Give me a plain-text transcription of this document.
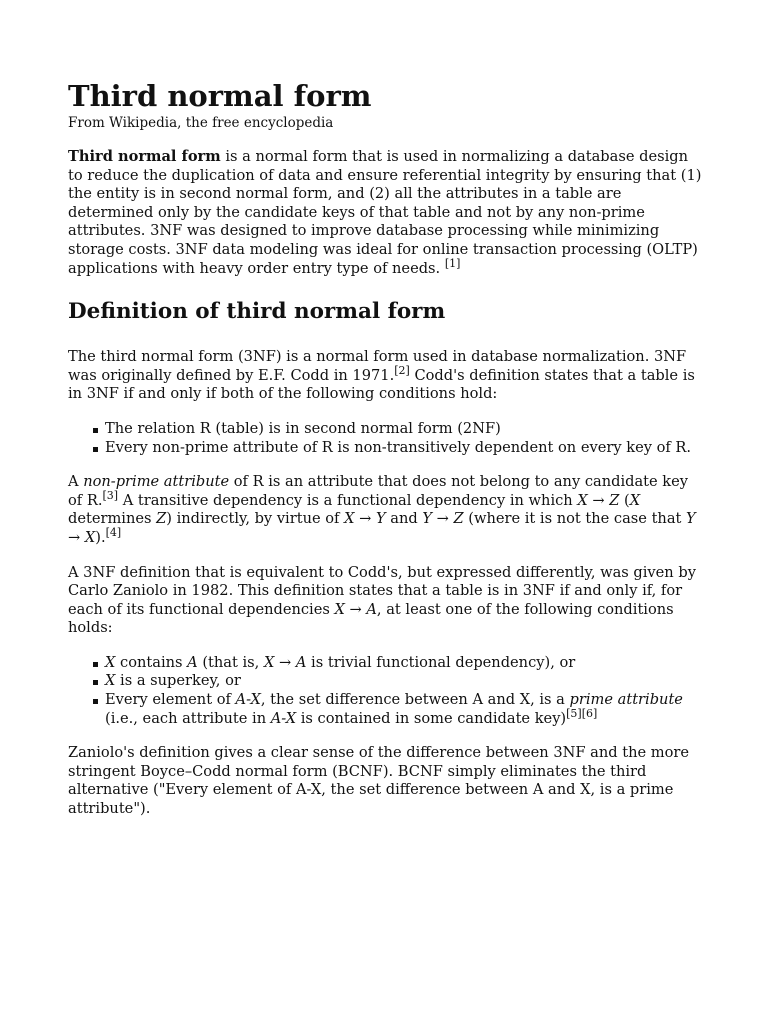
Third normal form
From Wikipedia, the free encyclopedia

Third normal form is a normal form that is used in normalizing a database design to reduce the duplication of data and ensure referential integrity by ensuring that (1) the entity is in second normal form, and (2) all the attributes in a table are determined only by the candidate keys of that table and not by any non-prime attributes. 3NF was designed to improve database processing while minimizing storage costs. 3NF data modeling was ideal for online transaction processing (OLTP) applications with heavy order entry type of needs. [1]

Definition of third normal form

The third normal form (3NF) is a normal form used in database normalization. 3NF was originally defined by E.F. Codd in 1971.[2] Codd's definition states that a table is in 3NF if and only if both of the following conditions hold:

The relation R (table) is in second normal form (2NF)
Every non-prime attribute of R is non-transitively dependent on every key of R.

A non-prime attribute of R is an attribute that does not belong to any candidate key of R.[3] A transitive dependency is a functional dependency in which X → Z (X determines Z) indirectly, by virtue of X → Y and Y → Z (where it is not the case that Y → X).[4]

A 3NF definition that is equivalent to Codd's, but expressed differently, was given by Carlo Zaniolo in 1982. This definition states that a table is in 3NF if and only if, for each of its functional dependencies X → A, at least one of the following conditions holds:

X contains A (that is, X → A is trivial functional dependency), or
X is a superkey, or
Every element of A-X, the set difference between A and X, is a prime attribute (i.e., each attribute in A-X is contained in some candidate key)[5][6]

Zaniolo's definition gives a clear sense of the difference between 3NF and the more stringent Boyce–Codd normal form (BCNF). BCNF simply eliminates the third alternative ("Every element of A-X, the set difference between A and X, is a prime attribute").
